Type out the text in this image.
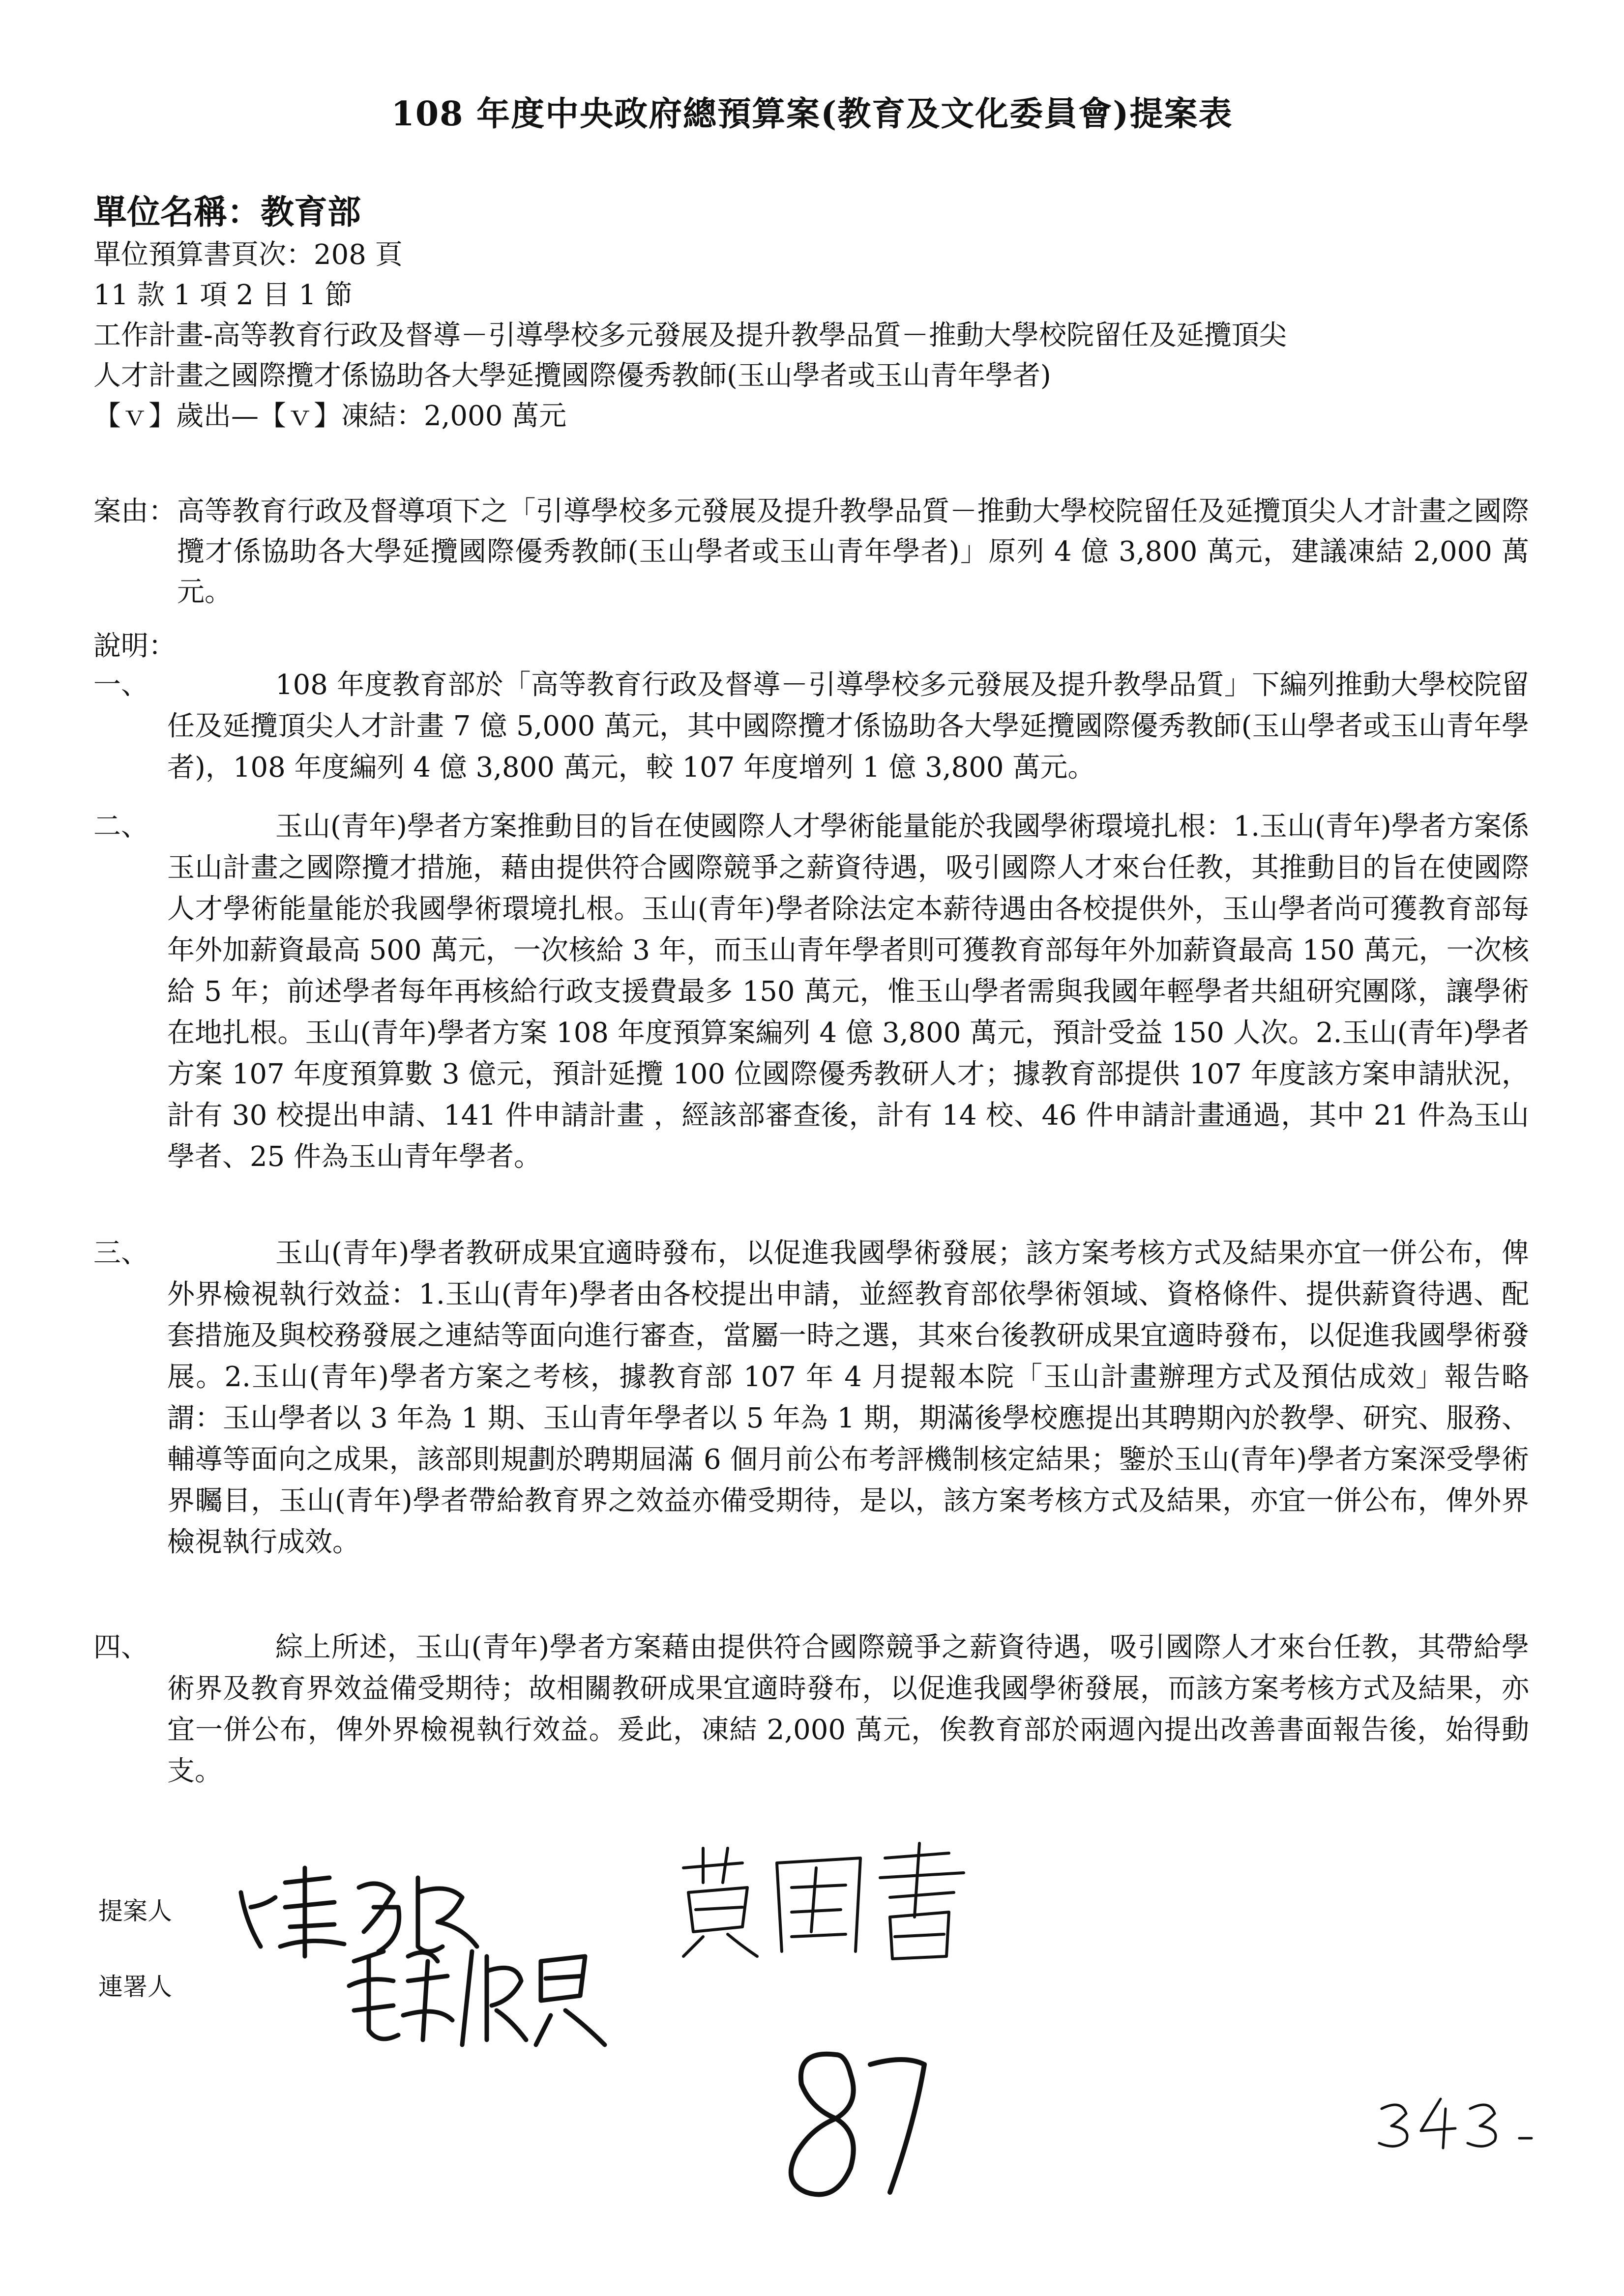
108 年度中央政府總預算案(教育及文化委員會)提案表
單位名稱：教育部
單位預算書頁次：208 頁
11 款 1 項 2 目 1 節
工作計畫-高等教育行政及督導－引導學校多元發展及提升教學品質－推動大學校院留任及延攬頂尖
人才計畫之國際攬才係協助各大學延攬國際優秀教師(玉山學者或玉山青年學者)
【ｖ】歲出—【ｖ】凍結：2,000 萬元
案由： 高等教育行政及督導項下之「引導學校多元發展及提升教學品質－推動大學校院留任及延攬頂尖人才計畫之國際攬才係協助各大學延攬國際優秀教師(玉山學者或玉山青年學者)」原列 4 億 3,800 萬元，建議凍結 2,000 萬元。
說明：
一、	108 年度教育部於「高等教育行政及督導－引導學校多元發展及提升教學品質」下編列推動大學校院留任及延攬頂尖人才計畫 7 億 5,000 萬元，其中國際攬才係協助各大學延攬國際優秀教師(玉山學者或玉山青年學者)，108 年度編列 4 億 3,800 萬元，較 107 年度增列 1 億 3,800 萬元。
二、	玉山(青年)學者方案推動目的旨在使國際人才學術能量能於我國學術環境扎根：1.玉山(青年)學者方案係玉山計畫之國際攬才措施，藉由提供符合國際競爭之薪資待遇，吸引國際人才來台任教，其推動目的旨在使國際人才學術能量能於我國學術環境扎根。玉山(青年)學者除法定本薪待遇由各校提供外，玉山學者尚可獲教育部每年外加薪資最高 500 萬元，一次核給 3 年，而玉山青年學者則可獲教育部每年外加薪資最高 150 萬元，一次核給 5 年；前述學者每年再核給行政支援費最多 150 萬元，惟玉山學者需與我國年輕學者共組研究團隊，讓學術在地扎根。玉山(青年)學者方案 108 年度預算案編列 4 億 3,800 萬元，預計受益 150 人次。2.玉山(青年)學者方案 107 年度預算數 3 億元，預計延攬 100 位國際優秀教研人才；據教育部提供 107 年度該方案申請狀況，計有 30 校提出申請、141 件申請計畫 ，經該部審查後，計有 14 校、46 件申請計畫通過，其中 21 件為玉山學者、25 件為玉山青年學者。
三、	玉山(青年)學者教研成果宜適時發布，以促進我國學術發展；該方案考核方式及結果亦宜一併公布，俾外界檢視執行效益：1.玉山(青年)學者由各校提出申請，並經教育部依學術領域、資格條件、提供薪資待遇、配套措施及與校務發展之連結等面向進行審查，當屬一時之選，其來台後教研成果宜適時發布，以促進我國學術發展。2.玉山(青年)學者方案之考核，據教育部 107 年 4 月提報本院「玉山計畫辦理方式及預估成效」報告略謂：玉山學者以 3 年為 1 期、玉山青年學者以 5 年為 1 期，期滿後學校應提出其聘期內於教學、研究、服務、輔導等面向之成果，該部則規劃於聘期屆滿 6 個月前公布考評機制核定結果；鑒於玉山(青年)學者方案深受學術界矚目，玉山(青年)學者帶給教育界之效益亦備受期待，是以，該方案考核方式及結果，亦宜一併公布，俾外界檢視執行成效。
四、	綜上所述，玉山(青年)學者方案藉由提供符合國際競爭之薪資待遇，吸引國際人才來台任教，其帶給學術界及教育界效益備受期待；故相關教研成果宜適時發布，以促進我國學術發展，而該方案考核方式及結果，亦宜一併公布，俾外界檢視執行效益。爰此，凍結 2,000 萬元，俟教育部於兩週內提出改善書面報告後，始得動支。
提案人
連署人
